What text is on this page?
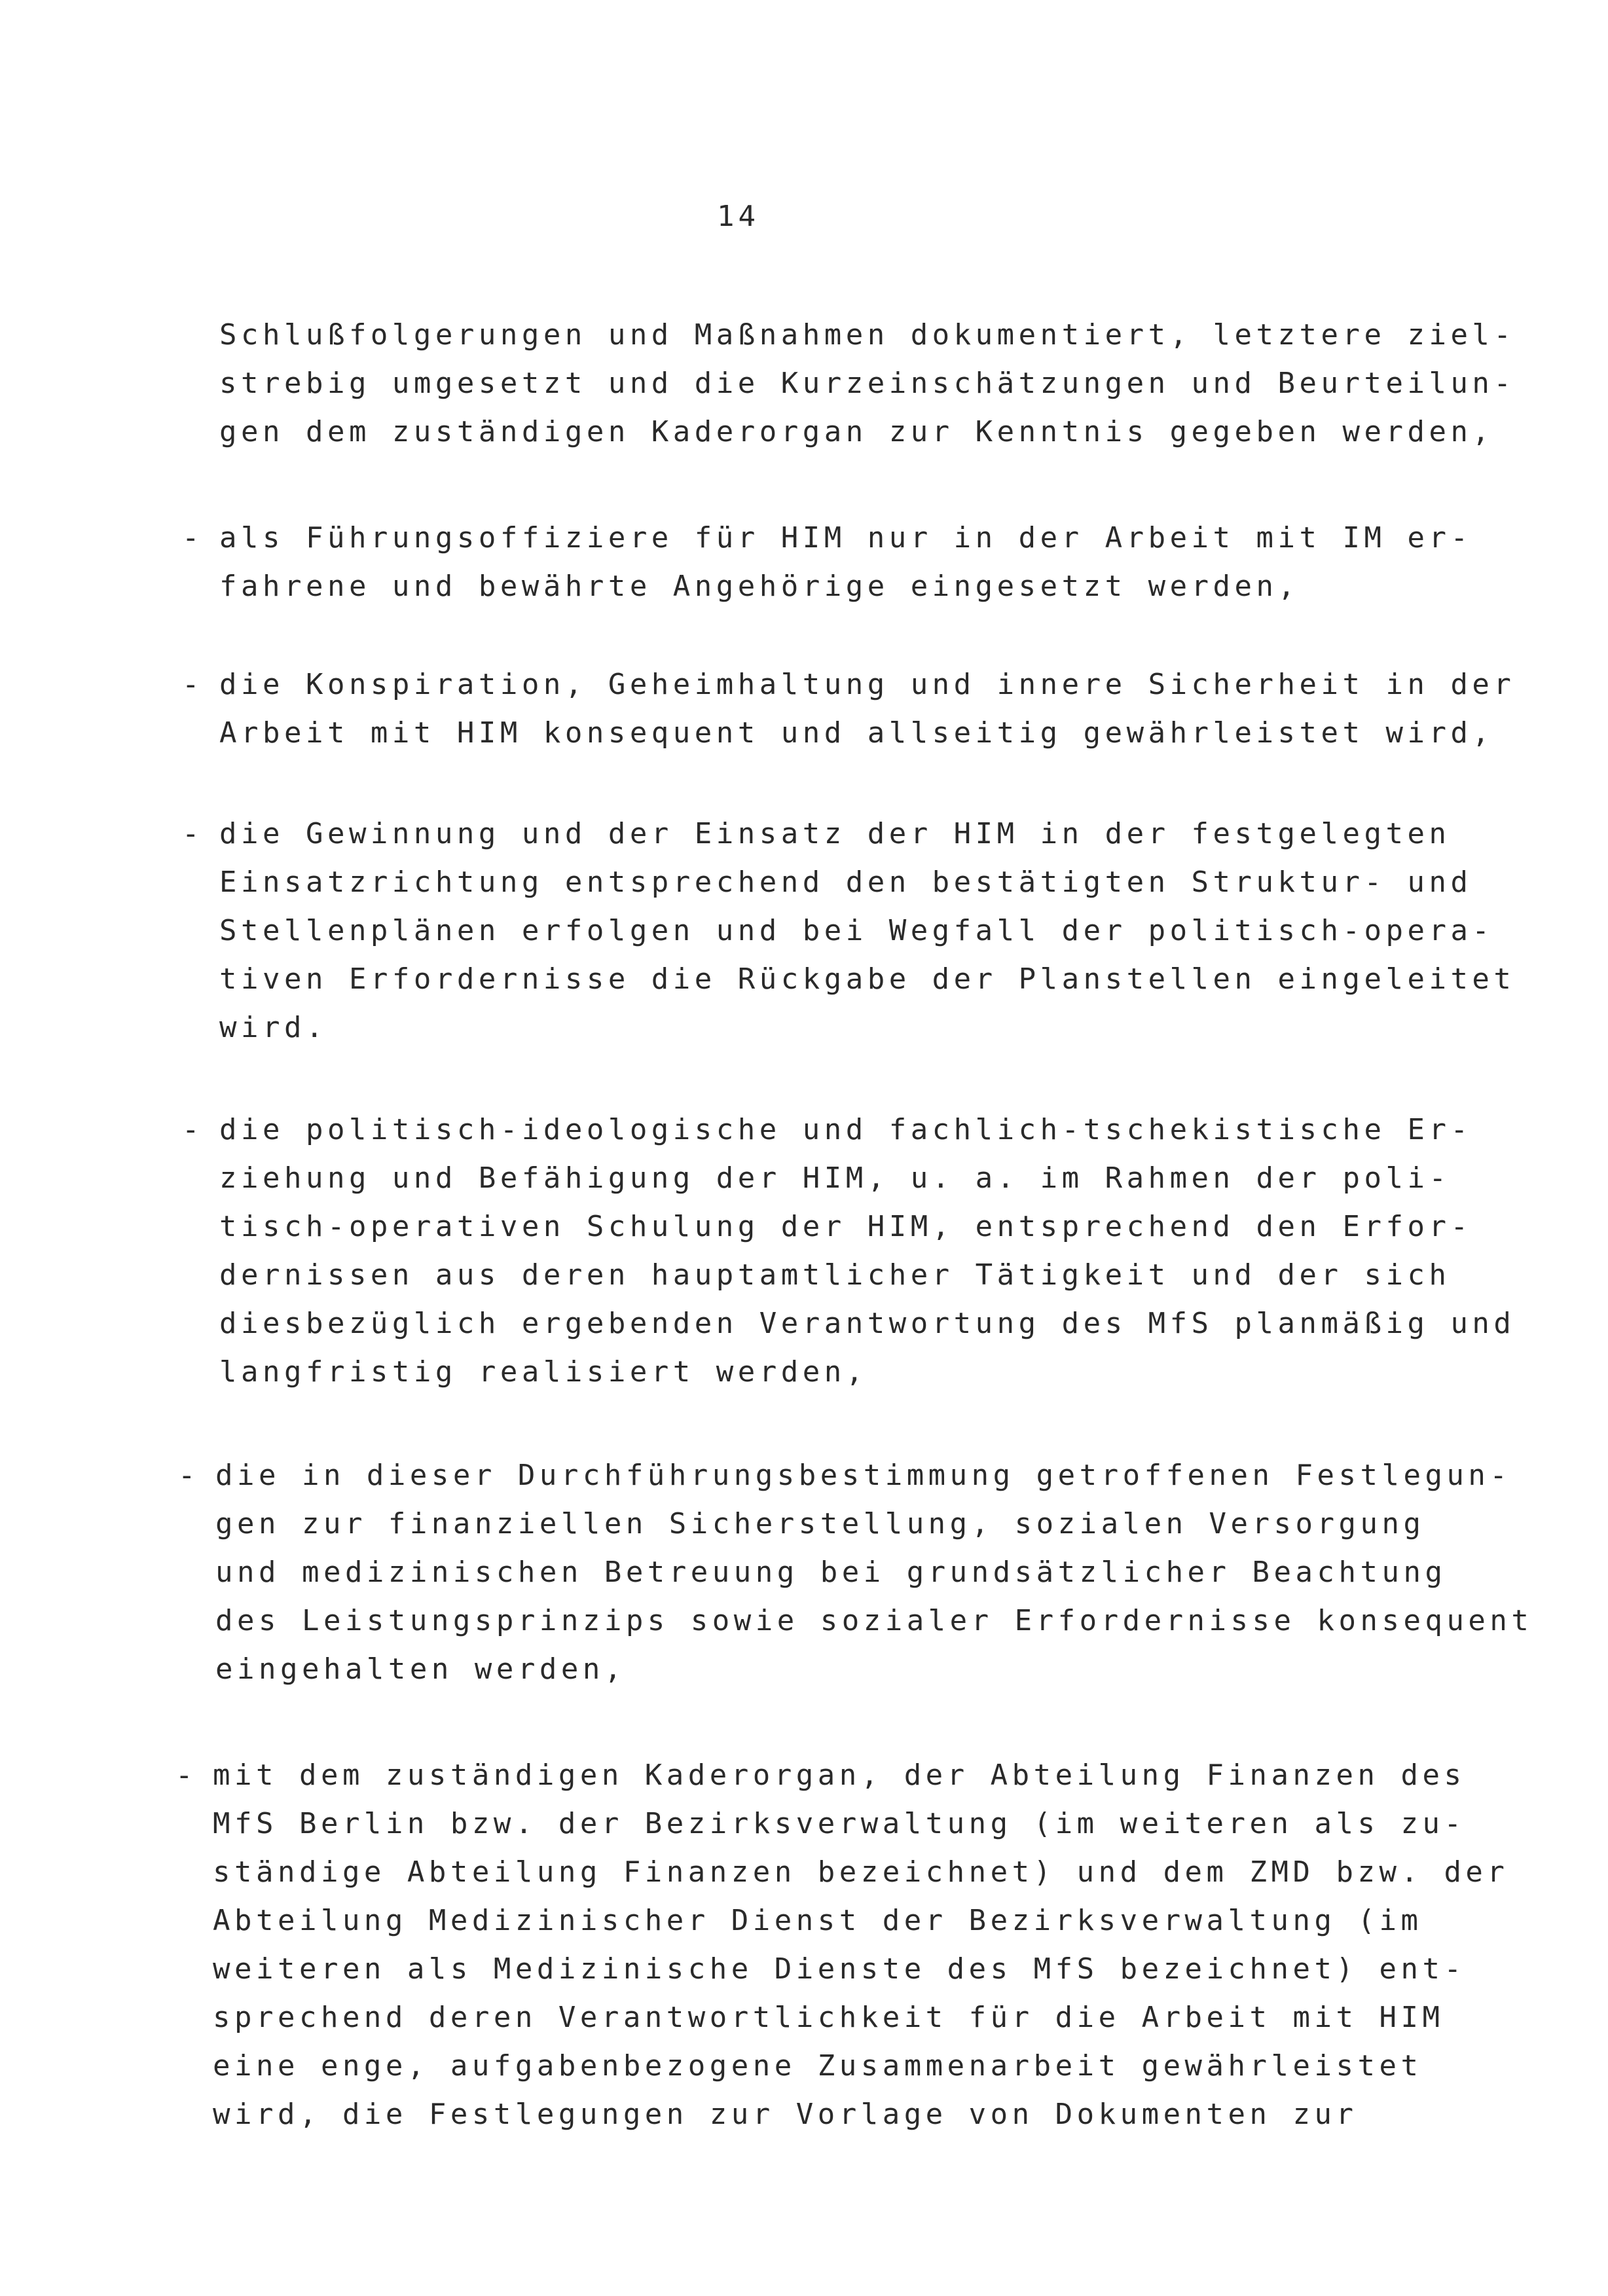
14
Schlußfolgerungen und Maßnahmen dokumentiert, letztere ziel-
strebig umgesetzt und die Kurzeinschätzungen und Beurteilun-
gen dem zuständigen Kaderorgan zur Kenntnis gegeben werden,
- als Führungsoffiziere für HIM nur in der Arbeit mit IM er-
fahrene und bewährte Angehörige eingesetzt werden,
- die Konspiration, Geheimhaltung und innere Sicherheit in der
Arbeit mit HIM konsequent und allseitig gewährleistet wird,
- die Gewinnung und der Einsatz der HIM in der festgelegten
Einsatzrichtung entsprechend den bestätigten Struktur- und
Stellenplänen erfolgen und bei Wegfall der politisch-opera-
tiven Erfordernisse die Rückgabe der Planstellen eingeleitet
wird.
- die politisch-ideologische und fachlich-tschekistische Er-
ziehung und Befähigung der HIM, u. a. im Rahmen der poli-
tisch-operativen Schulung der HIM, entsprechend den Erfor-
dernissen aus deren hauptamtlicher Tätigkeit und der sich
diesbezüglich ergebenden Verantwortung des MfS planmäßig und
langfristig realisiert werden,
- die in dieser Durchführungsbestimmung getroffenen Festlegun-
gen zur finanziellen Sicherstellung, sozialen Versorgung
und medizinischen Betreuung bei grundsätzlicher Beachtung
des Leistungsprinzips sowie sozialer Erfordernisse konsequent
eingehalten werden,
- mit dem zuständigen Kaderorgan, der Abteilung Finanzen des
MfS Berlin bzw. der Bezirksverwaltung (im weiteren als zu-
ständige Abteilung Finanzen bezeichnet) und dem ZMD bzw. der
Abteilung Medizinischer Dienst der Bezirksverwaltung (im
weiteren als Medizinische Dienste des MfS bezeichnet) ent-
sprechend deren Verantwortlichkeit für die Arbeit mit HIM
eine enge, aufgabenbezogene Zusammenarbeit gewährleistet
wird, die Festlegungen zur Vorlage von Dokumenten zur
